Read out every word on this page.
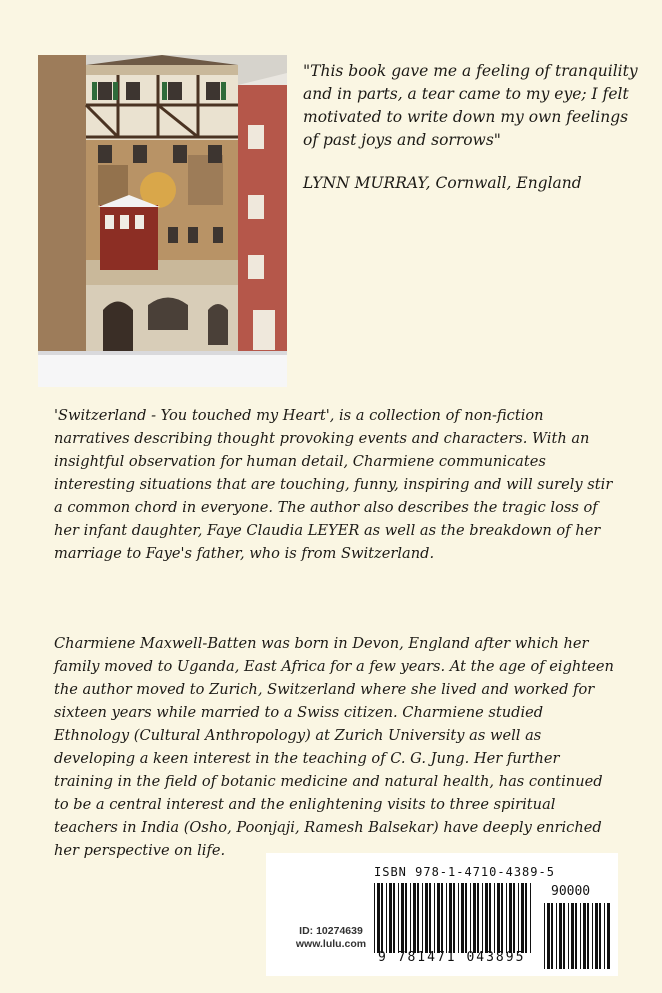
"This book gave me a feeling of tranquility and in parts, a tear came to my eye; I felt motivated to write down my own feelings of past joys and sorrows"

LYNN MURRAY, Cornwall, England

'Switzerland - You touched my Heart', is a collection of non-fiction narratives describing thought provoking events and characters. With an insightful observation for human detail, Charmiene communicates interesting situations that are touching, funny, inspiring and will surely stir a common chord in everyone. The author also describes the tragic loss of her infant daughter, Faye Claudia LEYER as well as the breakdown of her marriage to Faye's father, who is from Switzerland.

Charmiene Maxwell-Batten was born in Devon, England after which her family moved to Uganda, East Africa for a few years. At the age of eighteen the author moved to Zurich, Switzerland where she lived and worked for sixteen years while married to a Swiss citizen. Charmiene studied Ethnology (Cultural Anthropology) at Zurich University as well as developing a keen interest in the teaching of C. G. Jung. Her further training in the field of botanic medicine and natural health, has continued to be a central interest and the enlightening visits to three spiritual teachers in India (Osho, Poonjaji, Ramesh Balsekar) have deeply enriched her perspective on life.

ID: 10274639
www.lulu.com
ISBN 978-1-4710-4389-5
90000
9 781471 043895
